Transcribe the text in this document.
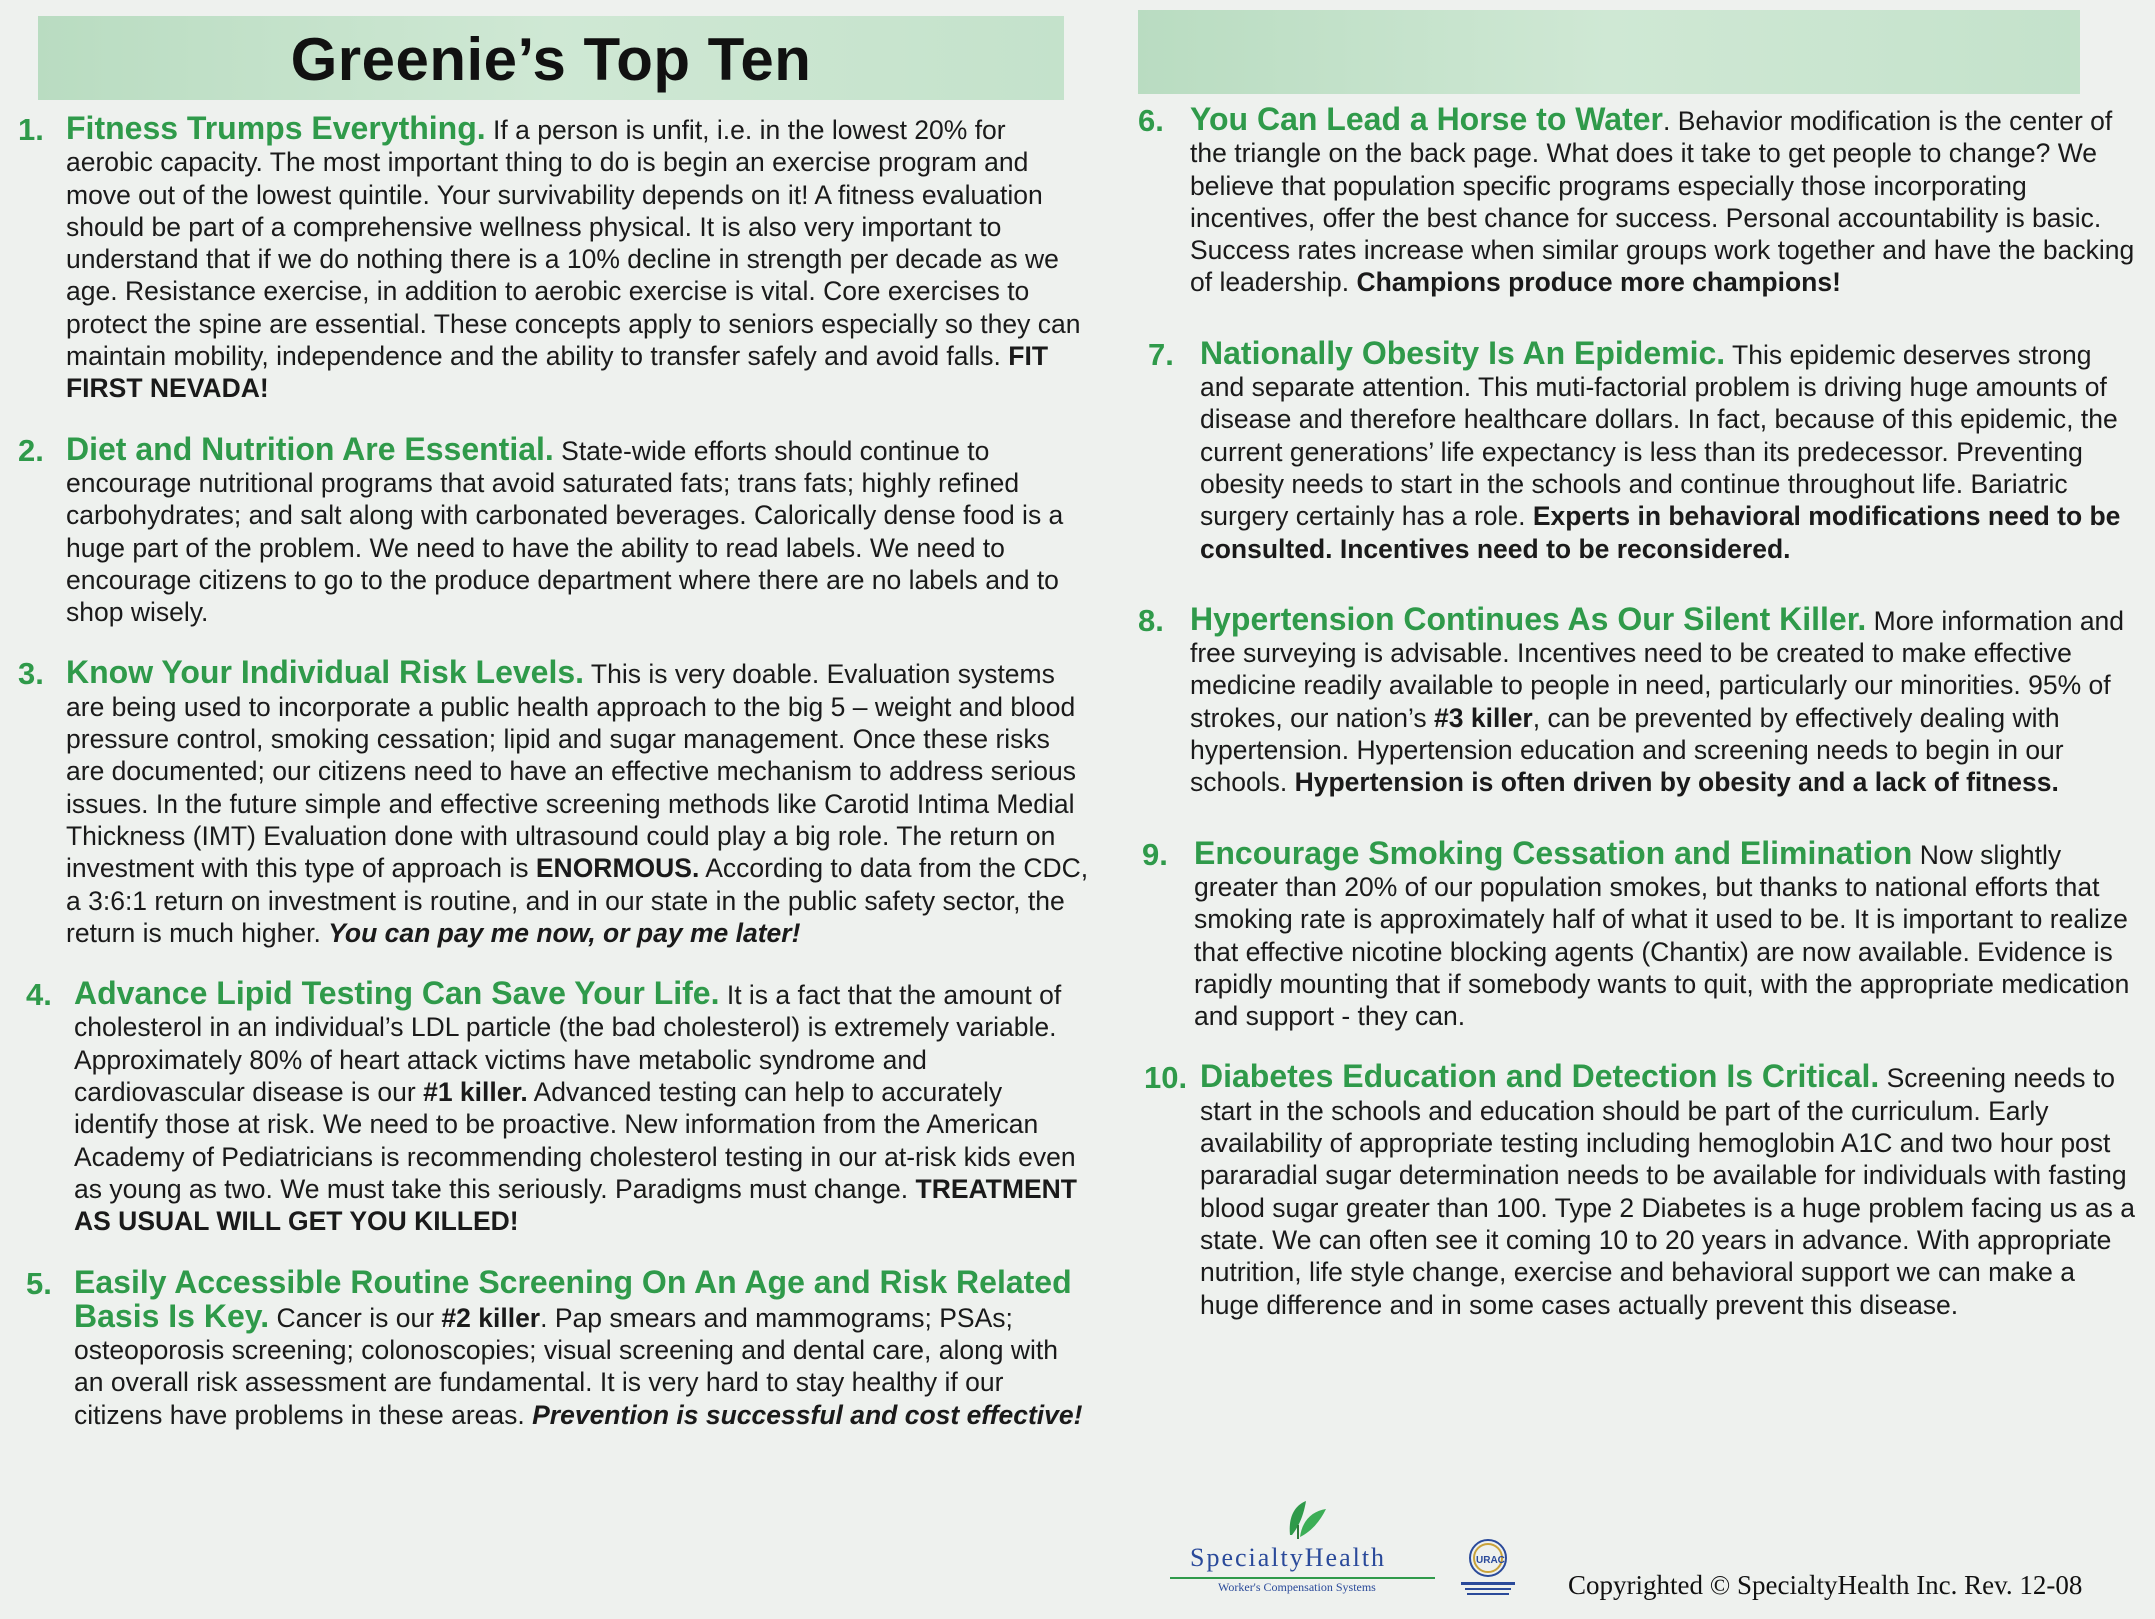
Greenie’s Top Ten
1. Fitness Trumps Everything. If a person is unfit, i.e. in the lowest 20% for aerobic capacity. The most important thing to do is begin an exercise program and move out of the lowest quintile. Your survivability depends on it! A fitness evaluation should be part of a comprehensive wellness physical. It is also very important to understand that if we do nothing there is a 10% decline in strength per decade as we age. Resistance exercise, in addition to aerobic exercise is vital. Core exercises to protect the spine are essential. These concepts apply to seniors especially so they can maintain mobility, independence and the ability to transfer safely and avoid falls. FIT FIRST NEVADA!
2. Diet and Nutrition Are Essential. State-wide efforts should continue to encourage nutritional programs that avoid saturated fats; trans fats; highly refined carbohydrates; and salt along with carbonated beverages. Calorically dense food is a huge part of the problem. We need to have the ability to read labels. We need to encourage citizens to go to the produce department where there are no labels and to shop wisely.
3. Know Your Individual Risk Levels. This is very doable. Evaluation systems are being used to incorporate a public health approach to the big 5 – weight and blood pressure control, smoking cessation; lipid and sugar management. Once these risks are documented; our citizens need to have an effective mechanism to address serious issues. In the future simple and effective screening methods like Carotid Intima Medial Thickness (IMT) Evaluation done with ultrasound could play a big role. The return on investment with this type of approach is ENORMOUS. According to data from the CDC, a 3:6:1 return on investment is routine, and in our state in the public safety sector, the return is much higher. You can pay me now, or pay me later!
4. Advance Lipid Testing Can Save Your Life. It is a fact that the amount of cholesterol in an individual’s LDL particle (the bad cholesterol) is extremely variable. Approximately 80% of heart attack victims have metabolic syndrome and cardiovascular disease is our #1 killer. Advanced testing can help to accurately identify those at risk. We need to be proactive. New information from the American Academy of Pediatricians is recommending cholesterol testing in our at-risk kids even as young as two. We must take this seriously. Paradigms must change. TREATMENT AS USUAL WILL GET YOU KILLED!
5. Easily Accessible Routine Screening On An Age and Risk Related Basis Is Key. Cancer is our #2 killer. Pap smears and mammograms; PSAs; osteoporosis screening; colonoscopies; visual screening and dental care, along with an overall risk assessment are fundamental. It is very hard to stay healthy if our citizens have problems in these areas. Prevention is successful and cost effective!
6. You Can Lead a Horse to Water. Behavior modification is the center of the triangle on the back page. What does it take to get people to change? We believe that population specific programs especially those incorporating incentives, offer the best chance for success. Personal accountability is basic. Success rates increase when similar groups work together and have the backing of leadership. Champions produce more champions!
7. Nationally Obesity Is An Epidemic. This epidemic deserves strong and separate attention. This muti-factorial problem is driving huge amounts of disease and therefore healthcare dollars. In fact, because of this epidemic, the current generations’ life expectancy is less than its predecessor. Preventing obesity needs to start in the schools and continue throughout life. Bariatric surgery certainly has a role. Experts in behavioral modifications need to be consulted. Incentives need to be reconsidered.
8. Hypertension Continues As Our Silent Killer. More information and free surveying is advisable. Incentives need to be created to make effective medicine readily available to people in need, particularly our minorities. 95% of strokes, our nation’s #3 killer, can be prevented by effectively dealing with hypertension. Hypertension education and screening needs to begin in our schools. Hypertension is often driven by obesity and a lack of fitness.
9. Encourage Smoking Cessation and Elimination Now slightly greater than 20% of our population smokes, but thanks to national efforts that smoking rate is approximately half of what it used to be. It is important to realize that effective nicotine blocking agents (Chantix) are now available. Evidence is rapidly mounting that if somebody wants to quit, with the appropriate medication and support - they can.
10. Diabetes Education and Detection Is Critical. Screening needs to start in the schools and education should be part of the curriculum. Early availability of appropriate testing including hemoglobin A1C and two hour post pararadial sugar determination needs to be available for individuals with fasting blood sugar greater than 100. Type 2 Diabetes is a huge problem facing us as a state. We can often see it coming 10 to 20 years in advance. With appropriate nutrition, life style change, exercise and behavioral support we can make a huge difference and in some cases actually prevent this disease.
SpecialtyHealth
Worker's Compensation Systems
URAC
Copyrighted © SpecialtyHealth Inc. Rev. 12-08
